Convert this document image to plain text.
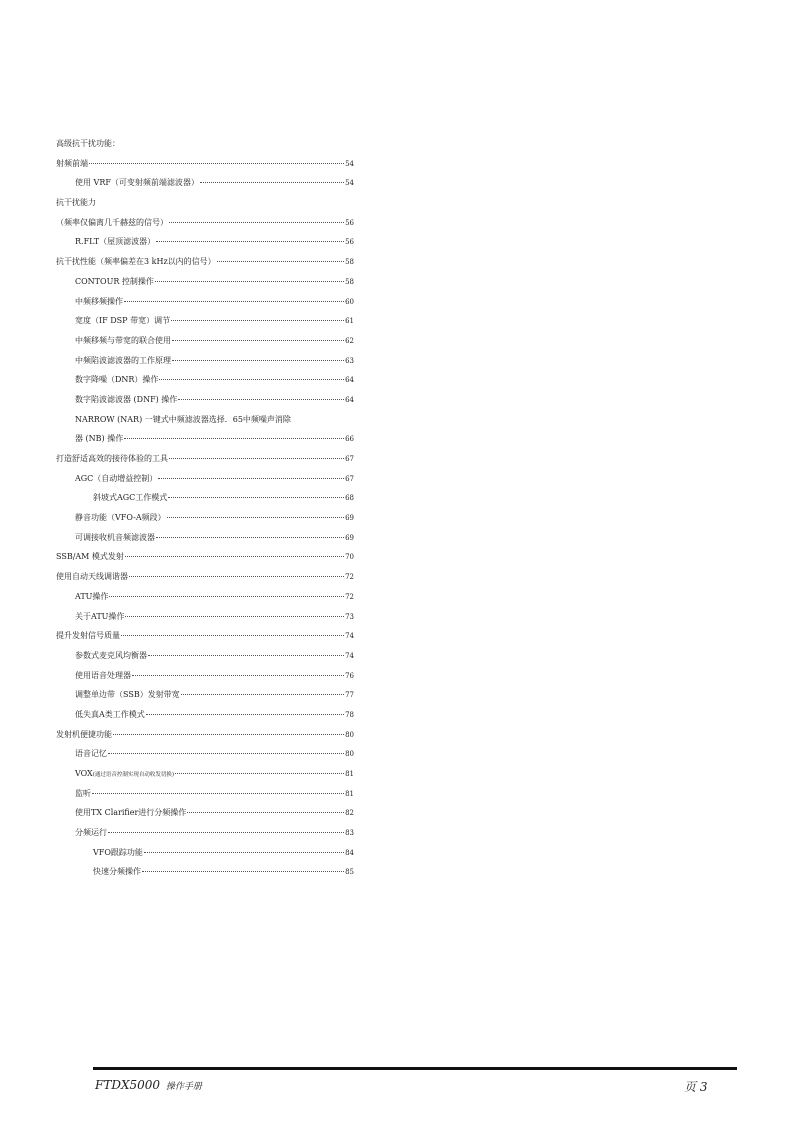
高级抗干扰功能：
射频前端	54
使用 VRF（可变射频前端滤波器）	54
抗干扰能力
（频率仅偏离几千赫兹的信号）	56
R.FLT（屋顶滤波器）	56
抗干扰性能（频率偏差在3 kHz以内的信号）	58
CONTOUR 控制操作	58
中频移频操作	60
宽度（IF DSP 带宽）调节	61
中频移频与带宽的联合使用	62
中频陷波滤波器的工作原理	63
数字降噪（DNR）操作	64
数字陷波滤波器 (DNF) 操作	64
NARROW (NAR) 一键式中频滤波器选择．65中频噪声消除
器 (NB) 操作	66
打造舒适高效的接待体验的工具	67
AGC（自动增益控制）	67
斜坡式AGC工作模式	68
静音功能（VFO-A频段）	69
可调接收机音频滤波器	69
SSB/AM 模式发射	70
使用自动天线调谐器	72
ATU操作	72
关于ATU操作	73
提升发射信号质量	74
参数式麦克风均衡器	74
使用语音处理器	76
调整单边带（SSB）发射带宽	77
低失真A类工作模式	78
发射机便捷功能	80
语音记忆	80
VOX (通过语音控制实现自动收发切换)	81
监听	81
使用TX Clarifier进行分频操作	82
分频运行	83
VFO跟踪功能	84
快速分频操作	85
FTDX5000 操作手册	页 3
